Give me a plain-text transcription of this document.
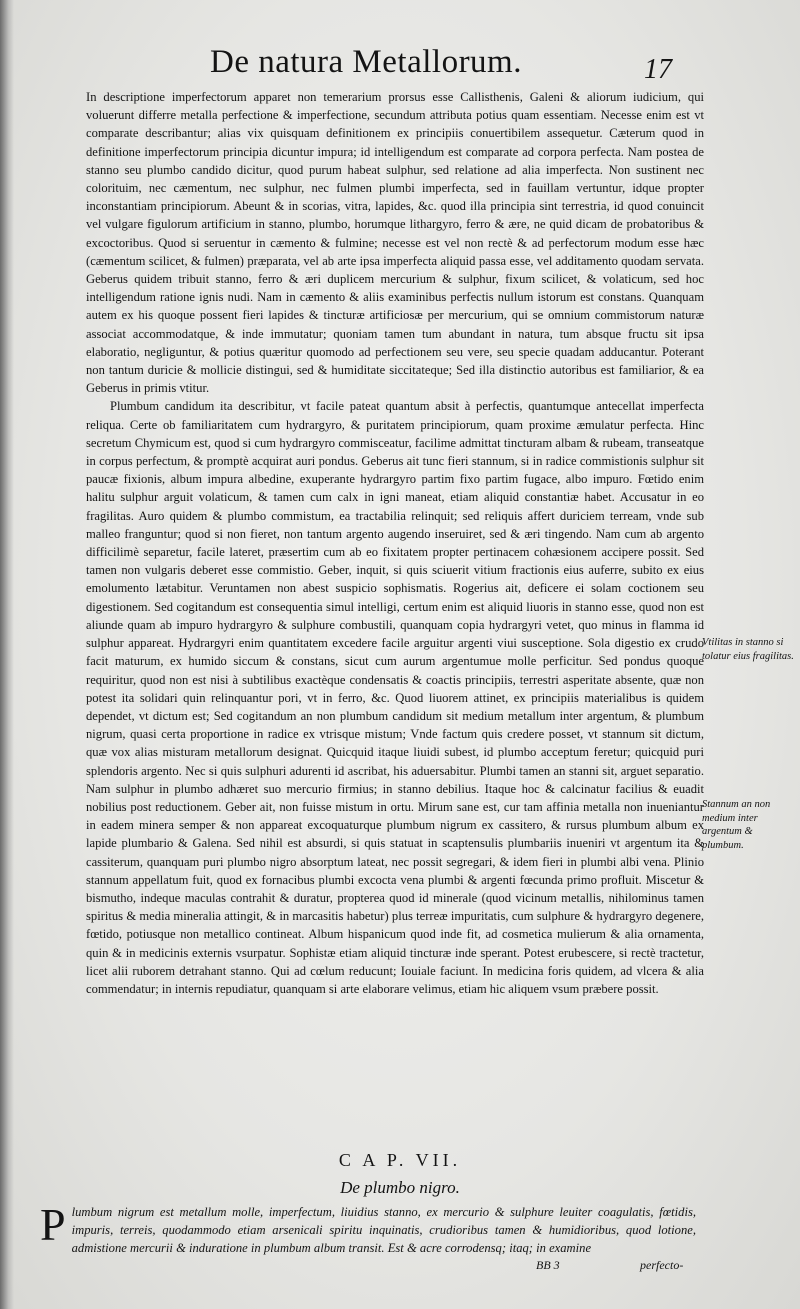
De natura Metallorum.	17

In descriptione imperfectorum apparet non temerarium prorsus esse Callisthenis, Galeni & aliorum iudicium, qui voluerunt differre metalla perfectione & imperfectione, secundum attributa potius quam essentiam. Necesse enim est vt comparate describantur; alias vix quisquam definitionem ex principiis conuertibilem assequetur. Cæterum quod in definitione imperfectorum principia dicuntur impura; id intelligendum est comparate ad corpora perfecta. Nam postea de stanno seu plumbo candido dicitur, quod purum habeat sulphur, sed relatione ad alia imperfecta. Non sustinent nec colorituim, nec cæmentum, nec sulphur, nec fulmen plumbi imperfecta, sed in fauillam vertuntur, idque propter inconstantiam principiorum. Abeunt & in scorias, vitra, lapides, &c. quod illa principia sint terrestria, id quod conuincit vel vulgare figulorum artificium in stanno, plumbo, horumque lithargyro, ferro & ære, ne quid dicam de probatoribus & excoctoribus. Quod si seruentur in cæmento & fulmine; necesse est vel non rectè & ad perfectorum modum esse hæc (cæmentum scilicet, & fulmen) præparata, vel ab arte ipsa imperfecta aliquid passa esse, vel additamento quodam servata. Geberus quidem tribuit stanno, ferro & æri duplicem mercurium & sulphur, fixum scilicet, & volaticum, sed hoc intelligendum ratione ignis nudi. Nam in cæmento & aliis examinibus perfectis nullum istorum est constans. Quanquam autem ex his quoque possent fieri lapides & tincturæ artificiosæ per mercurium, qui se omnium commistorum naturæ associat accommodatque, & inde immutatur; quoniam tamen tum abundant in natura, tum absque fructu sit ipsa elaboratio, negliguntur, & potius quæritur quomodo ad perfectionem seu vere, seu specie quadam adducantur. Poterant non tantum duricie & mollicie distingui, sed & humiditate siccitateque; Sed illa distinctio autoribus est familiarior, & ea Geberus in primis vtitur.

Plumbum candidum ita describitur, vt facile pateat quantum absit à perfectis, quantumque antecellat imperfecta reliqua. Certe ob familiaritatem cum hydrargyro, & puritatem principiorum, quam proxime æmulatur perfecta. Hinc secretum Chymicum est, quod si cum hydrargyro commisceatur, facilime admittat tincturam albam & rubeam, transeatque in corpus perfectum, & promptè acquirat auri pondus. Geberus ait tunc fieri stannum, si in radice commistionis sulphur sit paucæ fixionis, album impura albedine, exuperante hydrargyro partim fixo partim fugace, albo impuro. Fœtido enim halitu sulphur arguit volaticum, & tamen cum calx in igni maneat, etiam aliquid constantiæ habet. Accusatur in eo fragilitas. Auro quidem & plumbo commistum, ea tractabilia relinquit; sed reliquis affert duriciem terream, vnde sub malleo franguntur; quod si non fieret, non tantum argento augendo inseruiret, sed & æri tingendo. Nam cum ab argento difficilimè separetur, facile lateret, præsertim cum ab eo fixitatem propter pertinacem cohæsionem accipere possit. Sed tamen non vulgaris deberet esse commistio. Geber, inquit, si quis sciuerit vitium fractionis eius auferre, subito ex eius emolumento lætabitur. Veruntamen non abest suspicio sophismatis. Rogerius ait, deficere ei solam coctionem seu digestionem. Sed cogitandum est consequentia simul intelligi, certum enim est aliquid liuoris in stanno esse, quod non est aliunde quam ab impuro hydrargyro & sulphure combustili, quanquam copia hydrargyri vetet, quo minus in flamma id sulphur appareat. Hydrargyri enim quantitatem excedere facile arguitur argenti viui susceptione. Sola digestio ex crudo facit maturum, ex humido siccum & constans, sicut cum aurum argentumue molle perficitur. Sed pondus quoque requiritur, quod non est nisi à subtilibus exactèque condensatis & coactis principiis, terrestri asperitate absente, quæ non potest ita solidari quin relinquantur pori, vt in ferro, &c. Quod liuorem attinet, ex principiis materialibus is quidem dependet, vt dictum est; Sed cogitandum an non plumbum candidum sit medium metallum inter argentum, & plumbum nigrum, quasi certa proportione in radice ex vtrisque mistum; Vnde factum quis credere posset, vt stannum sit dictum, quæ vox alias misturam metallorum designat. Quicquid itaque liuidi subest, id plumbo acceptum feretur; quicquid puri splendoris argento. Nec si quis sulphuri adurenti id ascribat, his aduersabitur. Plumbi tamen an stanni sit, arguet separatio. Nam sulphur in plumbo adhæret suo mercurio firmius; in stanno debilius. Itaque hoc & calcinatur facilius & euadit nobilius post reductionem. Geber ait, non fuisse mistum in ortu. Mirum sane est, cur tam affinia metalla non inueniantur in eadem minera semper & non appareat excoquaturque plumbum nigrum ex cassitero, & rursus plumbum album ex lapide plumbario & Galena. Sed nihil est absurdi, si quis statuat in scaptensulis plumbariis inueniri vt argentum ita & cassiterum, quanquam puri plumbo nigro absorptum lateat, nec possit segregari, & idem fieri in plumbi albi vena. Plinio stannum appellatum fuit, quod ex fornacibus plumbi excocta vena plumbi & argenti fœcunda primo profluit. Miscetur & bismutho, indeque maculas contrahit & duratur, propterea quod id minerale (quod vicinum metallis, nihilominus tamen spiritus & media mineralia attingit, & in marcasitis habetur) plus terreæ impuritatis, cum sulphure & hydrargyro degenere, fœtido, potiusque non metallico contineat. Album hispanicum quod inde fit, ad cosmetica mulierum & alia ornamenta, quin & in medicinis externis vsurpatur. Sophistæ etiam aliquid tincturæ inde sperant. Potest erubescere, si rectè tractetur, licet alii ruborem detrahant stanno. Qui ad cœlum reducunt; Iouiale faciunt. In medicina foris quidem, ad vlcera & alia commendatur; in internis repudiatur, quanquam si arte elaborare velimus, etiam hic aliquem vsum præbere possit.

Vtilitas in stanno si tolatur eius fragilitas.
Stannum an non medium inter argentum & plumbum.
C A P. VII.
De plumbo nigro.
Plumbum nigrum est metallum molle, imperfectum, liuidius stanno, ex mercurio & sulphure leuiter coagulatis, fœtidis, impuris, terreis, quodammodo etiam arsenicali spiritu inquinatis, crudioribus tamen & humidioribus, quod lotione, admistione mercurii & induratione in plumbum album transit. Est & acre corrodensq; itaq; in examine
BB 3	perfecto-
